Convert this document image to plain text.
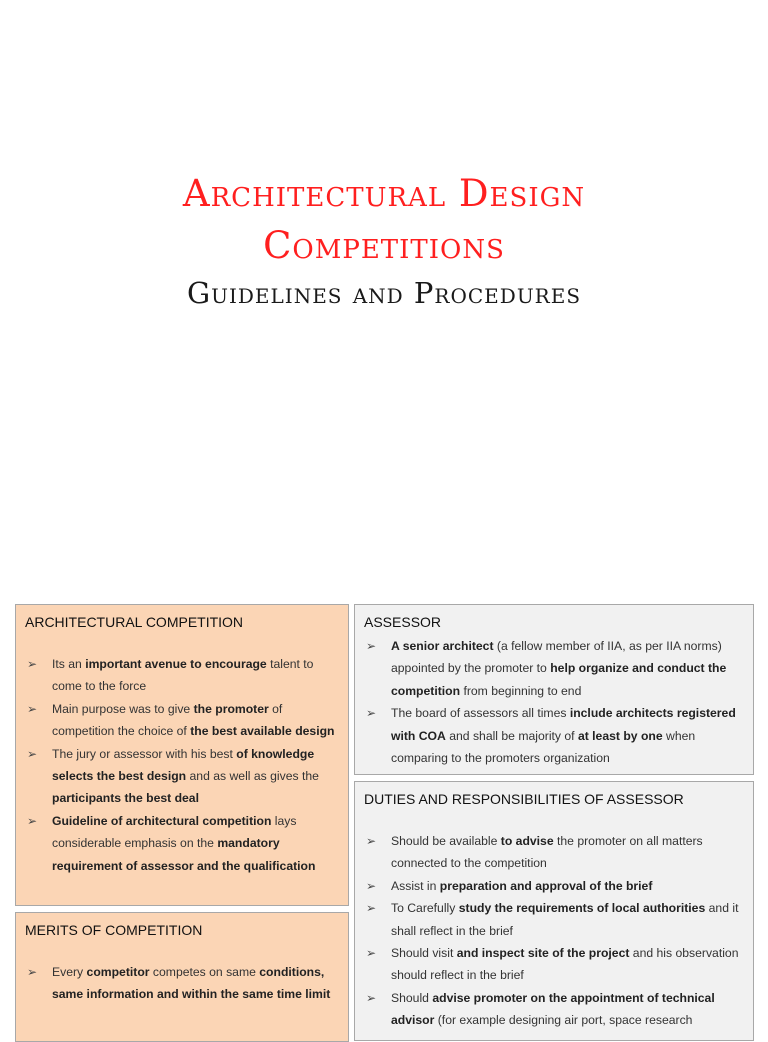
Architectural Design
Competitions
Guidelines and Procedures
ARCHITECTURAL COMPETITION
➢ Its an important avenue to encourage talent to come to the force
➢ Main purpose was to give the promoter of competition the choice of the best available design
➢ The jury or assessor with his best of knowledge selects the best design and as well as gives the participants the best deal
➢ Guideline of architectural competition lays considerable emphasis on the mandatory requirement of assessor and the qualification
MERITS OF COMPETITION
➢ Every competitor competes on same conditions, same information and within the same time limit
ASSESSOR
➢ A senior architect (a fellow member of IIA, as per IIA norms) appointed by the promoter to help organize and conduct the competition from beginning to end
➢ The board of assessors all times include architects registered with COA and shall be majority of at least by one when comparing to the promoters organization
DUTIES AND RESPONSIBILITIES OF ASSESSOR
➢ Should be available to advise the promoter on all matters connected to the competition
➢ Assist in preparation and approval of the brief
➢ To Carefully study the requirements of local authorities and it shall reflect in the brief
➢ Should visit and inspect site of the project and his observation should reflect in the brief
➢ Should advise promoter on the appointment of technical advisor (for example designing air port, space research
